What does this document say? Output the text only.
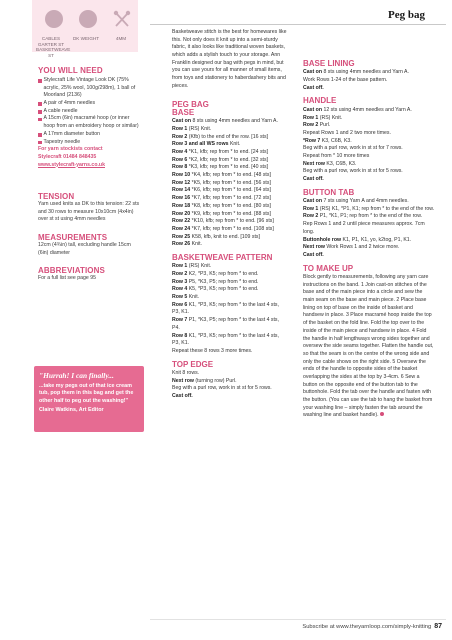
CABLES GARTER ST BASKETWEAVE ST
DK WEIGHT	4MM
Peg bag
YOU WILL NEED
Stylecraft Life Vintage Look DK (75% acrylic, 25% wool, 100g/298m), 1 ball of Moorland (2136)
A pair of 4mm needles
A cable needle
A 15cm (6in) macramé hoop (or inner hoop from an embroidery hoop or similar)
A 17mm diameter button
Tapestry needle
For yarn stockists contact
Stylecraft 01484 848435
www.stylecraft-yarns.co.uk
TENSION
Yarn used knits as DK to this tension: 22 sts and 30 rows to measure 10x10cm (4x4in) over st st using 4mm needles
MEASUREMENTS
12cm (4¾in) tall, excluding handle 15cm (6in) diameter
ABBREVIATIONS
For a full list see page 95
"Hurrah! I can finally...
...take my pegs out of that ice cream tub, pop them in this bag and get the other half to peg out the washing!"
Claire Watkins, Art Editor
Basketweave stitch is the best for homewares like this. Not only does it knit up into a semi-sturdy fabric, it also looks like traditional woven baskets, which adds a stylish touch to your storage. Ann Franklin designed our bag with pegs in mind, but you can use yours for all manner of small items, from toys and stationery to haberdashery bits and pieces.
PEG BAG BASE
Cast on 8 sts using 4mm needles and Yarn A.
Row 1 (RS) Knit.
Row 2 (Kfb) to the end of the row. [16 sts]
Row 3 and all WS rows Knit.
Row 4 *K1, kfb; rep from * to end. [24 sts]
Row 6 *K2, kfb; rep from * to end. [32 sts]
Row 8 *K3, kfb; rep from * to end. [40 sts]
Row 10 *K4, kfb; rep from * to end. [48 sts]
Row 12 *K5, kfb; rep from * to end. [56 sts]
Row 14 *K6, kfb; rep from * to end. [64 sts]
Row 16 *K7, kfb; rep from * to end. [72 sts]
Row 18 *K8, kfb; rep from * to end. [80 sts]
Row 20 *K9, kfb; rep from * to end. [88 sts]
Row 22 *K10, kfb; rep from * to end. [96 sts]
Row 24 *K7, kfb; rep from * to end. [108 sts]
Row 25 K58, kfb, knit to end. [109 sts]
Row 26 Knit.
BASKETWEAVE PATTERN
Row 1 (RS) Knit.
Row 2 K2, *P3, K5; rep from * to end.
Row 3 P5, *K3, P5; rep from * to end.
Row 4 K5, *P3, K5; rep from * to end.
Row 5 Knit.
Row 6 K1, *P3, K5; rep from * to the last 4 sts, P3, K1.
Row 7 P1, *K3, P5; rep from * to the last 4 sts, P4.
Row 8 K1, *P3, K5; rep from * to the last 4 sts, P3, K1.
Repeat these 8 rows 3 more times.
TOP EDGE
Knit 8 rows.
Next row (turning row) Purl.
Beg with a purl row, work in st st for 5 rows.
Cast off.
BASE LINING
Cast on 8 sts using 4mm needles and Yarn A.
Work Rows 1-24 of the base pattern.
Cast off.
HANDLE
Cast on 12 sts using 4mm needles and Yarn A.
Row 1 (RS) Knit.
Row 2 Purl.
Repeat Rows 1 and 2 two more times.
*Row 7 K3, C6B, K3.
Beg with a purl row, work in st st for 7 rows.
Repeat from * 10 more times
Next row K3, C6B, K3.
Beg with a purl row, work in st st for 5 rows.
Cast off.
BUTTON TAB
Cast on 7 sts using Yarn A and 4mm needles.
Row 1 (RS) K1, *P1, K1; rep from * to the end of the row.
Row 2 P1, *K1, P1; rep from * to the end of the row.
Rep Rows 1 and 2 until piece measures approx. 7cm long.
Buttonhole row K1, P1, K1, yo, k2tog, P1, K1.
Next row Work Rows 1 and 2 twice more.
Cast off.
TO MAKE UP
Block gently to measurements, following any yarn care instructions on the band. 1 Join cast-on stitches of the base and of the main piece into a circle and sew the main seam on the base and main piece. 2 Place base lining on top of base on the inside of basket and handsew in place. 3 Place macramé hoop inside the top of the basket on the fold line. Fold the top over to the inside of the main piece and handsew in place. 4 Fold the handle in half lengthways wrong sides together and oversew the side seams together. Flatten the handle out, so that the seam is on the centre of the wrong side and only the cable shows on the right side. 5 Oversew the ends of the handle to opposite sides of the basket overlapping the sides at the top by 3-4cm. 6 Sew a button on the opposite end of the button tab to the buttonhole. Fold the tab over the handle and fasten with the button. (You can use the tab to hang the basket from your washing line – simply fasten the tab around the washing line and basket handle).
Subscribe at www.theyarnloop.com/simply-knitting 87
